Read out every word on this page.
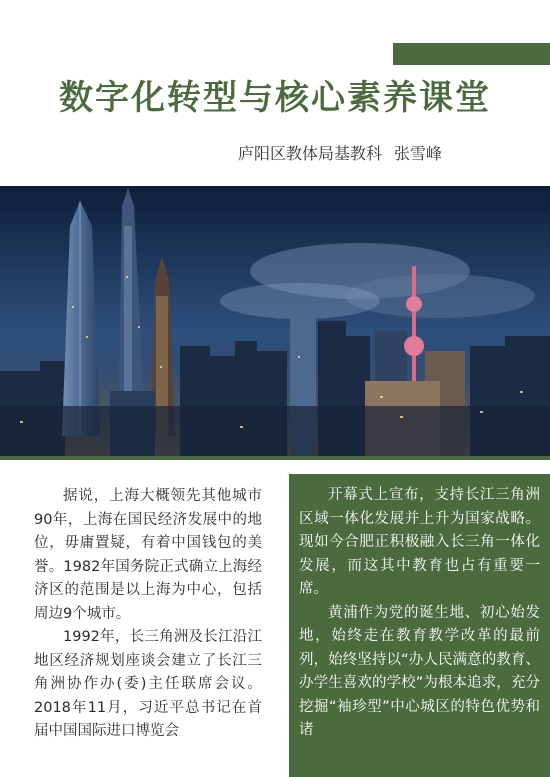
数字化转型与核心素养课堂
庐阳区教体局基教科 张雪峰

据说，上海大概领先其他城市90年，上海在国民经济发展中的地位，毋庸置疑，有着中国钱包的美誉。1982年国务院正式确立上海经济区的范围是以上海为中心，包括周边9个城市。

1992年，长三角洲及长江沿江地区经济规划座谈会建立了长江三角洲协作办(委)主任联席会议。2018年11月，习近平总书记在首届中国国际进口博览会

开幕式上宣布，支持长江三角洲区域一体化发展并上升为国家战略。现如今合肥正积极融入长三角一体化发展，而这其中教育也占有重要一席。

黄浦作为党的诞生地、初心始发地，始终走在教育教学改革的最前列，始终坚持以“办人民满意的教育、办学生喜欢的学校”为根本追求，充分挖掘“袖珍型”中心城区的特色优势和诸
